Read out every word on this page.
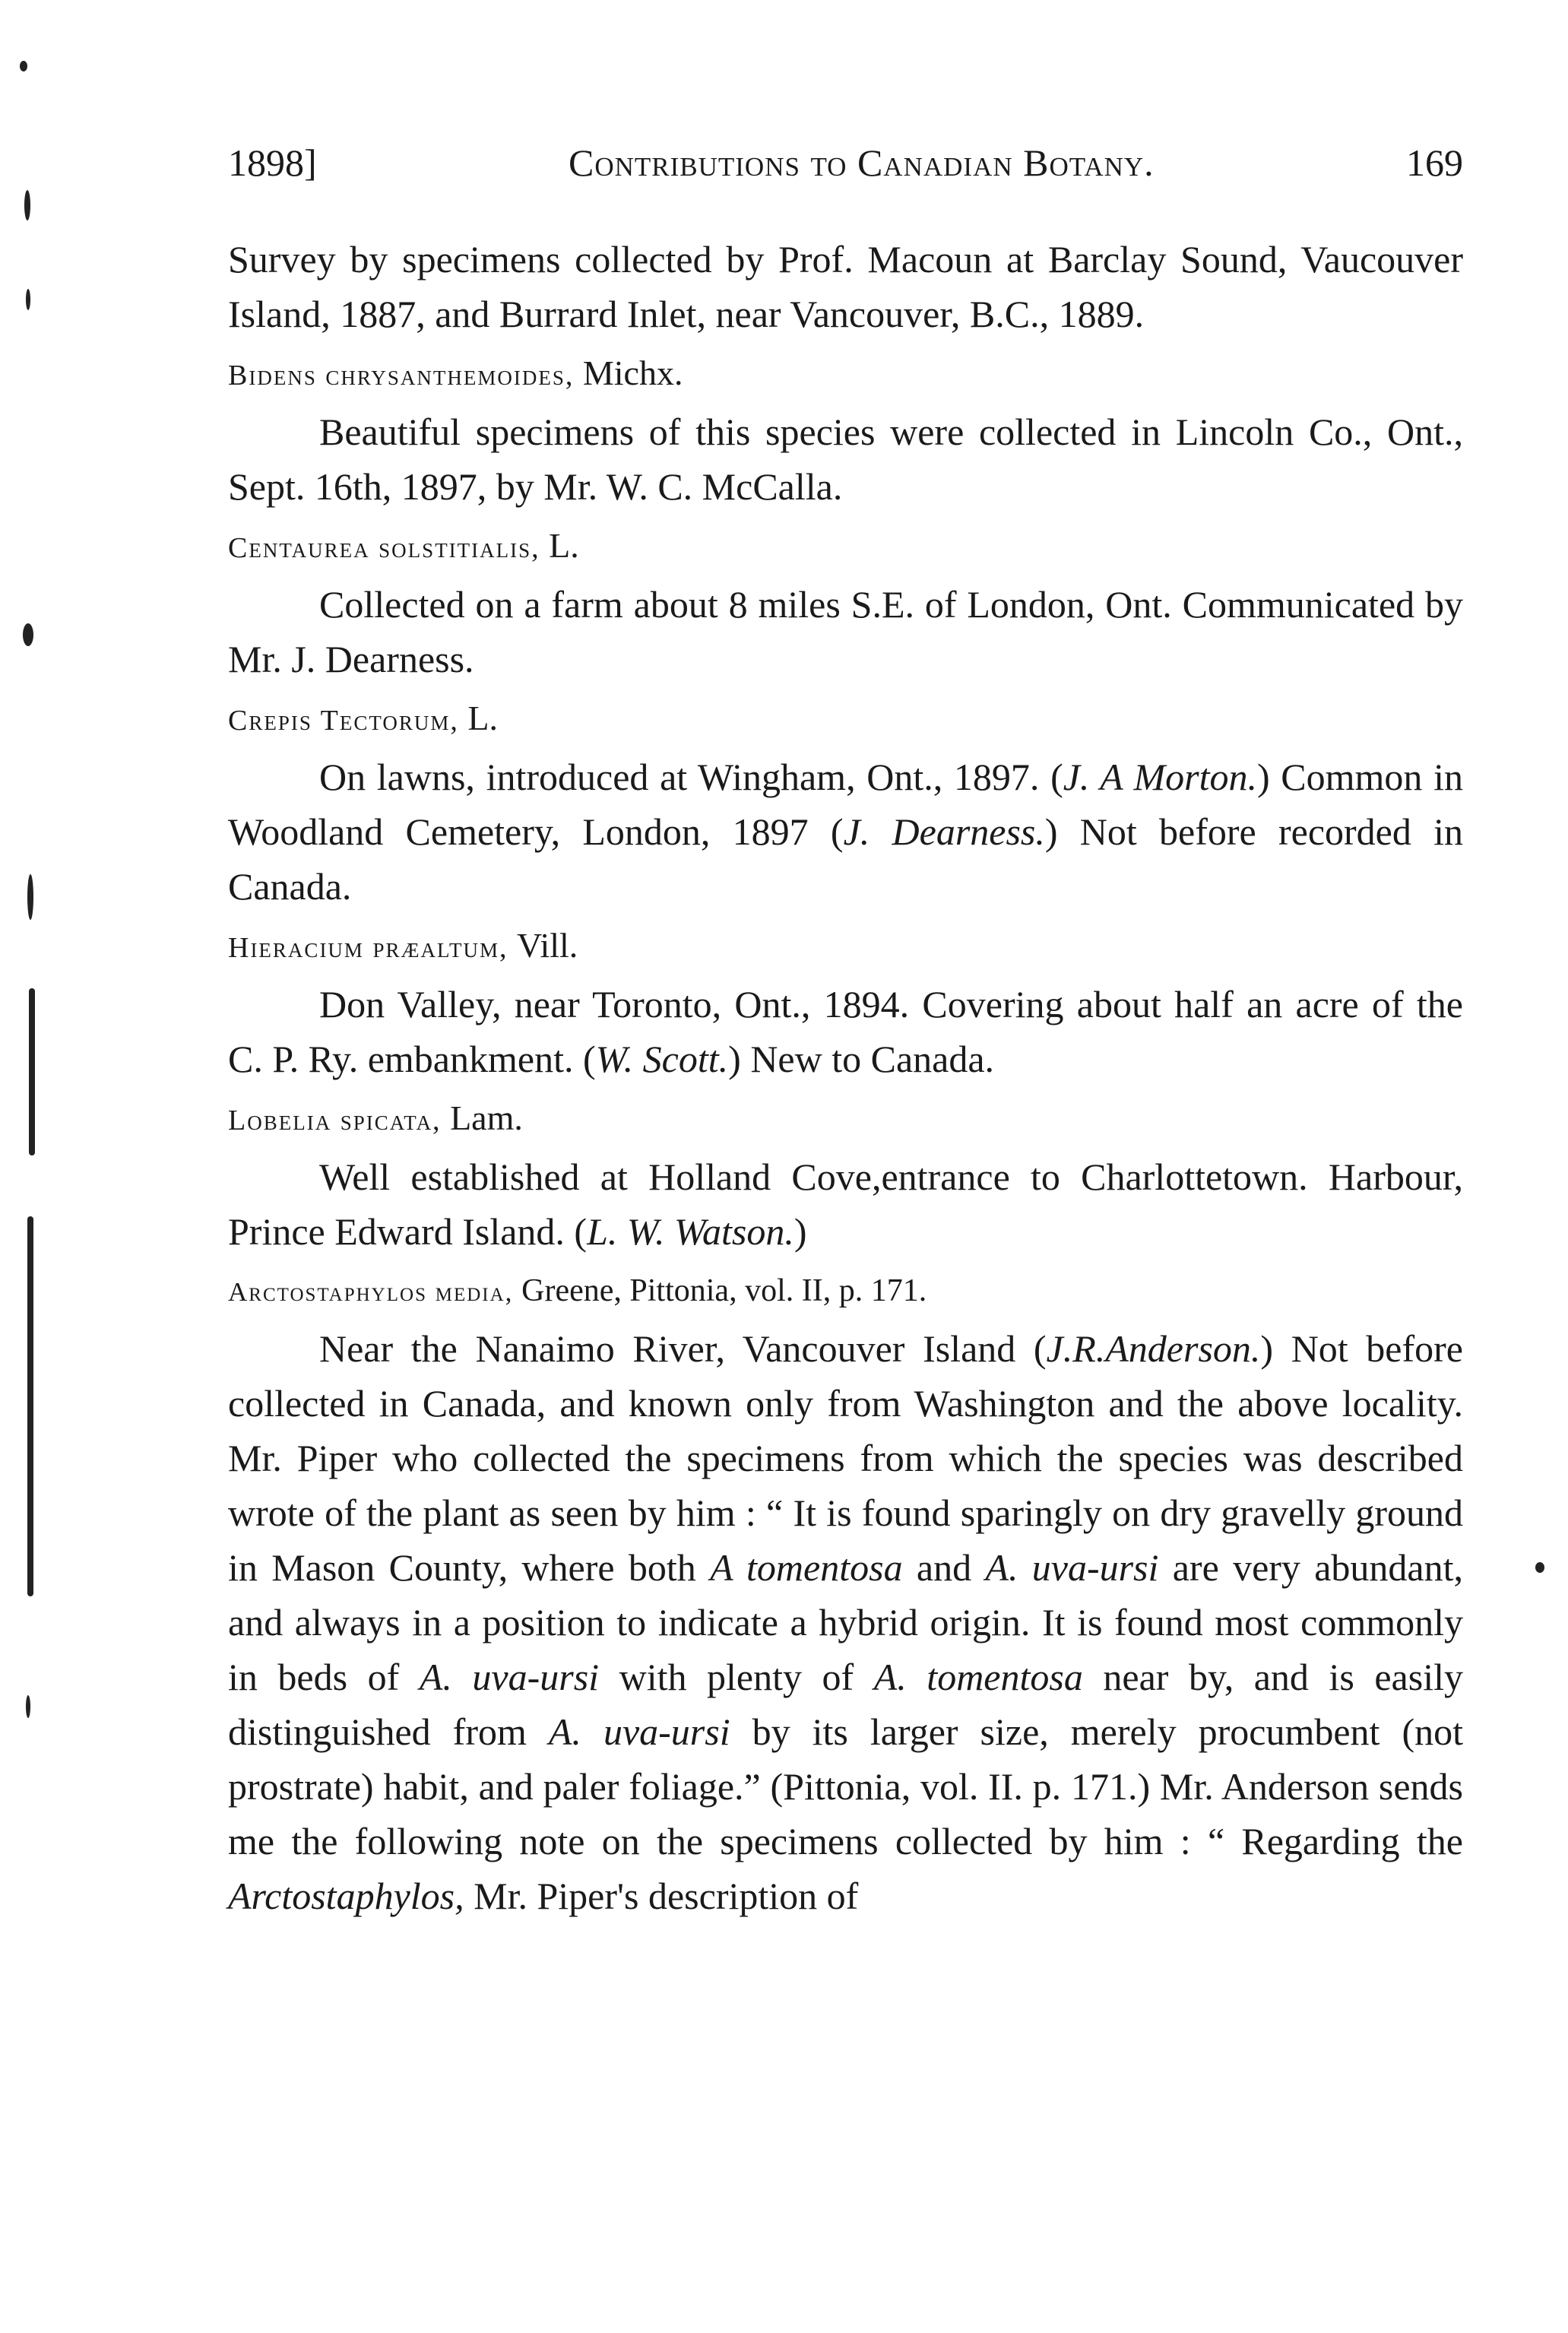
1898]	Contributions to Canadian Botany.	169

Survey by specimens collected by Prof. Macoun at Barclay Sound, Vaucouver Island, 1887, and Burrard Inlet, near Vancouver, B.C., 1889.

Bidens chrysanthemoides, Michx.

Beautiful specimens of this species were collected in Lincoln Co., Ont., Sept. 16th, 1897, by Mr. W. C. McCalla.

Centaurea solstitialis, L.

Collected on a farm about 8 miles S.E. of London, Ont. Communicated by Mr. J. Dearness.

Crepis Tectorum, L.

On lawns, introduced at Wingham, Ont., 1897. (J. A Morton.) Common in Woodland Cemetery, London, 1897 (J. Dearness.) Not before recorded in Canada.

Hieracium præaltum, Vill.

Don Valley, near Toronto, Ont., 1894. Covering about half an acre of the C. P. Ry. embankment. (W. Scott.) New to Canada.

Lobelia spicata, Lam.

Well established at Holland Cove,entrance to Charlottetown. Harbour, Prince Edward Island. (L. W. Watson.)

Arctostaphylos media, Greene, Pittonia, vol. II, p. 171.

Near the Nanaimo River, Vancouver Island (J.R.Anderson.) Not before collected in Canada, and known only from Washington and the above locality. Mr. Piper who collected the specimens from which the species was described wrote of the plant as seen by him : “ It is found sparingly on dry gravelly ground in Mason County, where both A tomentosa and A. uva-ursi are very abundant, and always in a position to indicate a hybrid origin. It is found most commonly in beds of A. uva-ursi with plenty of A. tomentosa near by, and is easily distinguished from A. uva-ursi by its larger size, merely procumbent (not prostrate) habit, and paler foliage.” (Pittonia, vol. II. p. 171.) Mr. Anderson sends me the following note on the specimens collected by him : “ Regarding the Arctostaphylos, Mr. Piper's description of
